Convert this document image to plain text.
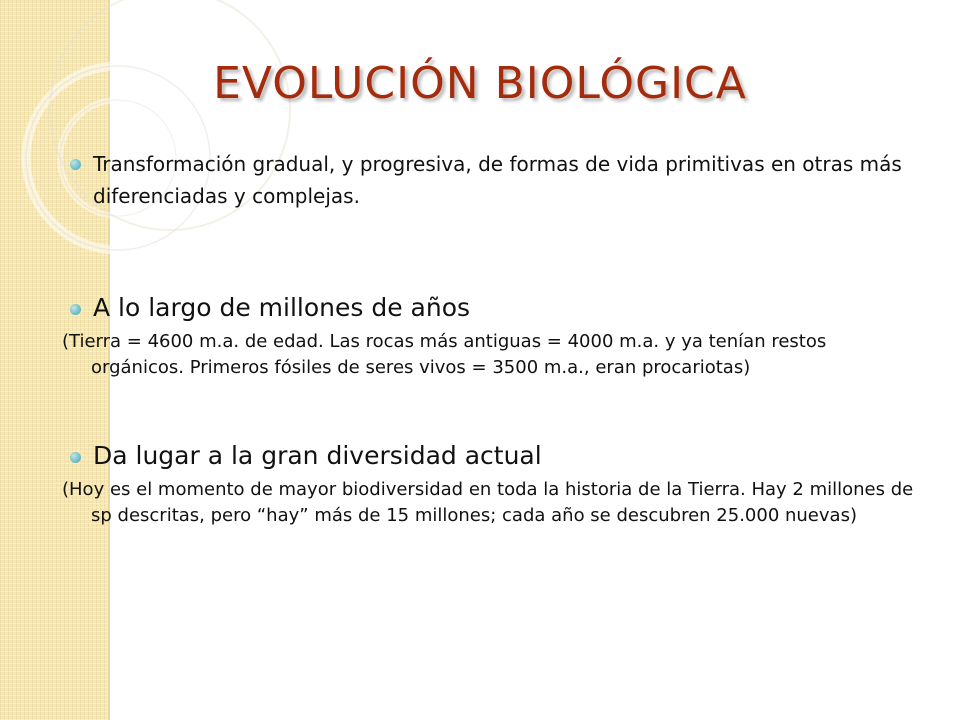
EVOLUCIÓN BIOLÓGICA
Transformación gradual, y progresiva, de formas de vida primitivas en otras más diferenciadas y complejas.
A lo largo de millones de años
(Tierra = 4600 m.a. de edad. Las rocas más antiguas = 4000 m.a. y ya tenían restos orgánicos. Primeros fósiles de seres vivos = 3500 m.a., eran procariotas)
Da lugar a la gran diversidad actual
(Hoy es el momento de mayor biodiversidad en toda la historia de la Tierra. Hay 2 millones de sp descritas, pero “hay” más de 15 millones; cada año se descubren 25.000 nuevas)
